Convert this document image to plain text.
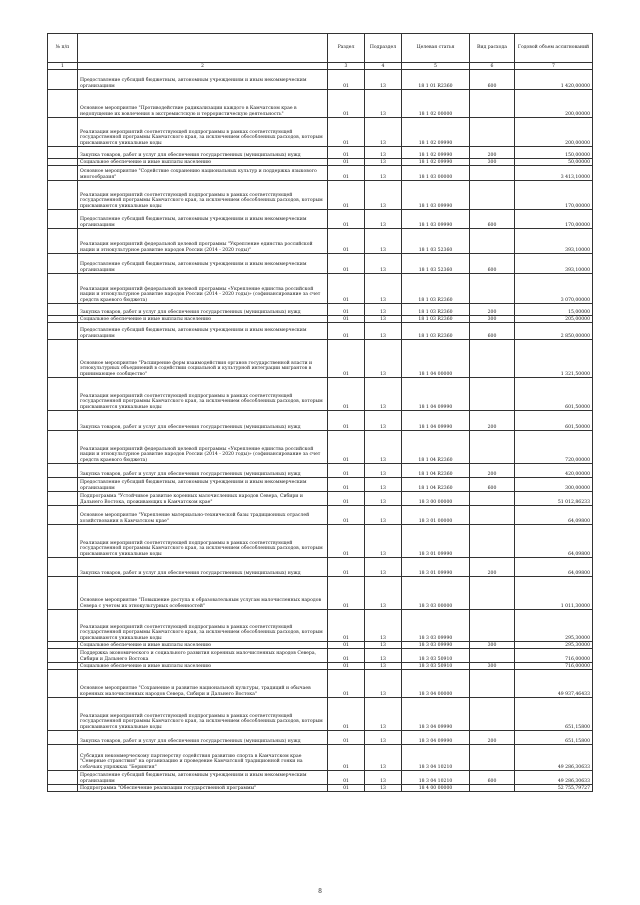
№ п/п		Раздел	Подраздел	Целевая статья	Вид расхода	Годовой объем ассигнований
1	2	3	4	5	6	7
	Предоставление субсидий бюджетным, автономным учреждениям и иным некоммерческим организациям	01	13	18 1 01 R2360	600	1 420,00000
	Основное мероприятие "Противодействие радикализации каждого в Камчатском крае в недопущение их вовлечения в экстремистскую и террористическую деятельность"	01	13	18 1 02 00000		200,00000
	Реализация мероприятий соответствующей подпрограммы в рамках соответствующей государственной программы Камчатского края, за исключением обособленных расходов, которым присваиваются уникальные коды	01	13	18 1 02 09990		200,00000
	Закупка товаров, работ и услуг для обеспечения государственных (муниципальных) нужд	01	13	18 1 02 09990	200	150,00000
	Социальное обеспечение и иные выплаты населению	01	13	18 1 02 09990	300	50,00000
	Основное мероприятие "Содействие сохранению национальных культур и поддержка языкового многообразия"	01	13	18 1 03 00000		3 413,10000
	Реализация мероприятий соответствующей подпрограммы в рамках соответствующей государственной программы Камчатского края, за исключением обособленных расходов, которым присваиваются уникальные коды	01	13	18 1 03 09990		170,00000
	Предоставление субсидий бюджетным, автономным учреждениям и иным некоммерческим организациям	01	13	18 1 03 09990	600	170,00000
	Реализация мероприятий федеральной целевой программы "Укрепление единства российской нации и этнокультурное развитие народов России (2014 - 2020 годы)"	01	13	18 1 03 52360		393,10000
	Предоставление субсидий бюджетным, автономным учреждениям и иным некоммерческим организациям	01	13	18 1 03 52360	600	393,10000
	Реализация мероприятий федеральной целевой программы «Укрепление единства российской нации и этнокультурное развитие народов России (2014 - 2020 годы)» (софинансирование за счет средств краевого бюджета)	01	13	18 1 03 R2360		3 070,00000
	Закупка товаров, работ и услуг для обеспечения государственных (муниципальных) нужд	01	13	18 1 03 R2360	200	15,00000
	Социальное обеспечение и иные выплаты населению	01	13	18 1 03 R2360	300	205,00000
	Предоставление субсидий бюджетным, автономным учреждениям и иным некоммерческим организациям	01	13	18 1 03 R2360	600	2 850,00000
	Основное мероприятие "Расширение форм взаимодействия органов государственной власти и этнокультурных объединений в содействии социальной и культурной интеграции мигрантов в принимающее сообщество"	01	13	18 1 04 00000		1 321,50000
	Реализация мероприятий соответствующей подпрограммы в рамках соответствующей государственной программы Камчатского края, за исключением обособленных расходов, которым присваиваются уникальные коды	01	13	18 1 04 09990		601,50000
	Закупка товаров, работ и услуг для обеспечения государственных (муниципальных) нужд	01	13	18 1 04 09990	200	601,50000
	Реализация мероприятий федеральной целевой программы «Укрепление единства российской нации и этнокультурное развитие народов России (2014 - 2020 годы)» (софинансирование за счет средств краевого бюджета)	01	13	18 1 04 R2360		720,00000
	Закупка товаров, работ и услуг для обеспечения государственных (муниципальных) нужд	01	13	18 1 04 R2360	200	420,00000
	Предоставление субсидий бюджетным, автономным учреждениям и иным некоммерческим организациям	01	13	18 1 04 R2360	600	300,00000
	Подпрограмма "Устойчивое развитие коренных малочисленных народов Севера, Сибири и Дальнего Востока, проживающих в Камчатском крае"	01	13	18 3 00 00000		51 012,86233
	Основное мероприятие "Укрепление материально-технической базы традиционных отраслей хозяйствования в Камчатском крае"	01	13	18 3 01 00000		64,09800
	Реализация мероприятий соответствующей подпрограммы в рамках соответствующей государственной программы Камчатского края, за исключением обособленных расходов, которым присваиваются уникальные коды	01	13	18 3 01 09990		64,09800
	Закупка товаров, работ и услуг для обеспечения государственных (муниципальных) нужд	01	13	18 3 01 09990	200	64,09800
	Основное мероприятие "Повышение доступа к образовательным услугам малочисленных народов Севера с учетом их этнокультурных особенностей"	01	13	18 3 03 00000		1 011,30000
	Реализация мероприятий соответствующей подпрограммы в рамках соответствующей государственной программы Камчатского края, за исключением обособленных расходов, которым присваиваются уникальные коды	01	13	18 3 03 09990		295,30000
	Социальное обеспечение и иные выплаты населению	01	13	18 3 03 09990	300	295,30000
	Поддержка экономического и социального развития коренных малочисленных народов Севера, Сибири и Дальнего Востока	01	13	18 3 03 50910		716,00000
	Социальное обеспечение и иные выплаты населению	01	13	18 3 03 50910	300	716,00000
	Основное мероприятие "Сохранение и развитие национальной культуры, традиций и обычаев коренных малочисленных народов Севера, Сибири и Дальнего Востока"	01	13	18 3 04 00000		49 937,46433
	Реализация мероприятий соответствующей подпрограммы в рамках соответствующей государственной программы Камчатского края, за исключением обособленных расходов, которым присваиваются уникальные коды	01	13	18 3 04 09990		651,15800
	Закупка товаров, работ и услуг для обеспечения государственных (муниципальных) нужд	01	13	18 3 04 09990	200	651,15800
	Субсидия некоммерческому партнерству содействия развитию спорта в Камчатском крае "Северные странствия" на организацию и проведение Камчатской традиционной гонки на собачьих упряжках "Берингия"	01	13	18 3 04 10210		49 286,30633
	Предоставление субсидий бюджетным, автономным учреждениям и иным некоммерческим организациям	01	13	18 3 04 10210	600	49 286,30633
	Подпрограмма "Обеспечение реализации государственной программы"	01	13	18 4 00 00000		52 755,79727
8
